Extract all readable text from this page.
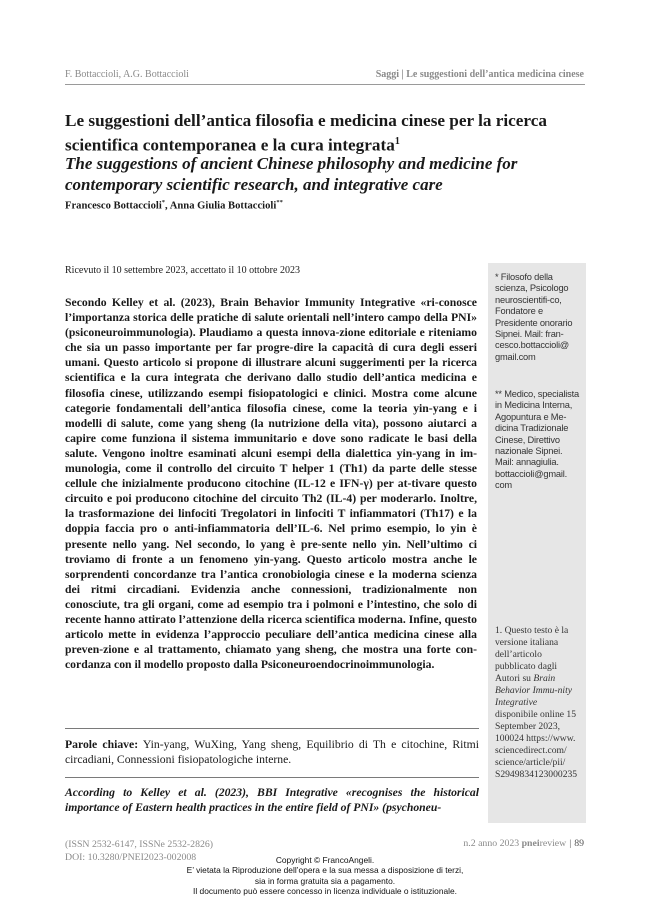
F. Bottaccioli, A.G. Bottaccioli	Saggi | Le suggestioni dell’antica medicina cinese
Le suggestioni dell’antica filosofia e medicina cinese per la ricerca scientifica contemporanea e la cura integrata$^1$
The suggestions of ancient Chinese philosophy and medicine for contemporary scientific research, and integrative care
Francesco Bottaccioli*, Anna Giulia Bottaccioli**
Ricevuto il 10 settembre 2023, accettato il 10 ottobre 2023
* Filosofo della scienza, Psicologo neuroscientifi-co, Fondatore e Presidente onorario Sipnei. Mail: fran-cesco.bottaccioli@ gmail.com
** Medico, specialista in Medicina Interna, Agopuntura e Me-dicina Tradizionale Cinese, Direttivo nazionale Sipnei. Mail: annagiulia. bottaccioli@gmail. com
1. Questo testo è la versione italiana dell’articolo pubblicato dagli Autori su Brain Behavior Immu-nity Integrative disponibile online 15 September 2023, 100024 https://www. sciencedirect.com/ science/article/pii/ S2949834123000235
Secondo Kelley et al. (2023), Brain Behavior Immunity Integrative «ri-conosce l’importanza storica delle pratiche di salute orientali nell’intero campo della PNI» (psiconeuroimmunologia). Plaudiamo a questa innova-zione editoriale e riteniamo che sia un passo importante per far progre-dire la capacità di cura degli esseri umani. Questo articolo si propone di illustrare alcuni suggerimenti per la ricerca scientifica e la cura integrata che derivano dallo studio dell’antica medicina e filosofia cinese, utilizzando esempi fisiopatologici e clinici. Mostra come alcune categorie fondamentali dell’antica filosofia cinese, come la teoria yin-yang e i modelli di salute, come yang sheng (la nutrizione della vita), possono aiutarci a capire come funziona il sistema immunitario e dove sono radicate le basi della salute. Vengono inoltre esaminati alcuni esempi della dialettica yin-yang in im-munologia, come il controllo del circuito T helper 1 (Th1) da parte delle stesse cellule che inizialmente producono citochine (IL-12 e IFN-γ) per at-tivare questo circuito e poi producono citochine del circuito Th2 (IL-4) per moderarlo. Inoltre, la trasformazione dei linfociti Tregolatori in linfociti T infiammatori (Th17) e la doppia faccia pro o anti-infiammatoria dell’IL-6. Nel primo esempio, lo yin è presente nello yang. Nel secondo, lo yang è pre-sente nello yin. Nell’ultimo ci troviamo di fronte a un fenomeno yin-yang. Questo articolo mostra anche le sorprendenti concordanze tra l’antica cronobiologia cinese e la moderna scienza dei ritmi circadiani. Evidenzia anche connessioni, tradizionalmente non conosciute, tra gli organi, come ad esempio tra i polmoni e l’intestino, che solo di recente hanno attirato l’attenzione della ricerca scientifica moderna. Infine, questo articolo mette in evidenza l’approccio peculiare dell’antica medicina cinese alla preven-zione e al trattamento, chiamato yang sheng, che mostra una forte con-cordanza con il modello proposto dalla Psiconeuroendocrinoimmunologia.
Parole chiave: Yin-yang, WuXing, Yang sheng, Equilibrio di Th e citochine, Ritmi circadiani, Connessioni fisiopatologiche interne.
According to Kelley et al. (2023), BBI Integrative «recognises the historical importance of Eastern health practices in the entire field of PNI» (psychoneu-
(ISSN 2532-6147, ISSNe 2532-2826)
DOI: 10.3280/PNEI2023-002008
n.2 anno 2023 pneireview | 89
Copyright © FrancoAngeli.
E’ vietata la Riproduzione dell’opera e la sua messa a disposizione di terzi,
sia in forma gratuita sia a pagamento.
Il documento può essere concesso in licenza individuale o istituzionale.
